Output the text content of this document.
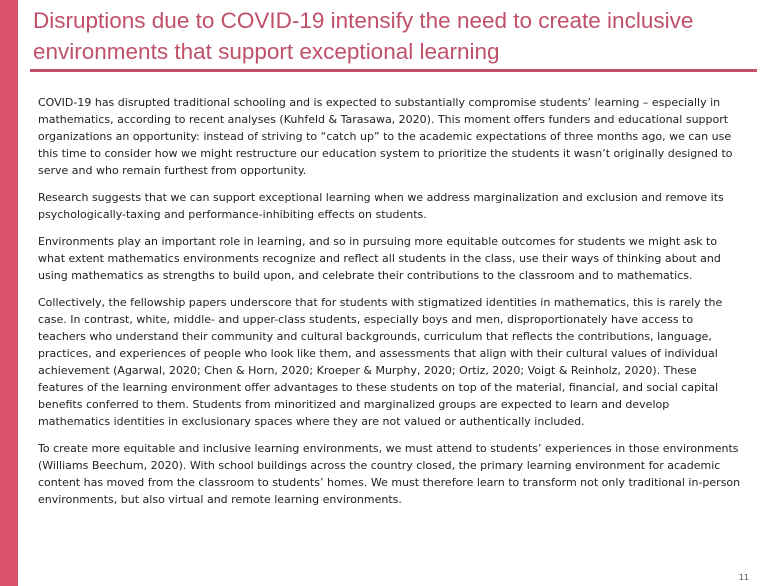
Disruptions due to COVID-19 intensify the need to create inclusive environments that support exceptional learning

COVID-19 has disrupted traditional schooling and is expected to substantially compromise students’ learning – especially in mathematics, according to recent analyses (Kuhfeld & Tarasawa, 2020). This moment offers funders and educational support organizations an opportunity: instead of striving to “catch up” to the academic expectations of three months ago, we can use this time to consider how we might restructure our education system to prioritize the students it wasn’t originally designed to serve and who remain furthest from opportunity.

Research suggests that we can support exceptional learning when we address marginalization and exclusion and remove its psychologically-taxing and performance-inhibiting effects on students.

Environments play an important role in learning, and so in pursuing more equitable outcomes for students we might ask to what extent mathematics environments recognize and reflect all students in the class, use their ways of thinking about and using mathematics as strengths to build upon, and celebrate their contributions to the classroom and to mathematics.

Collectively, the fellowship papers underscore that for students with stigmatized identities in mathematics, this is rarely the case. In contrast, white, middle- and upper-class students, especially boys and men, disproportionately have access to teachers who understand their community and cultural backgrounds, curriculum that reflects the contributions, language, practices, and experiences of people who look like them, and assessments that align with their cultural values of individual achievement (Agarwal, 2020; Chen & Horn, 2020; Kroeper & Murphy, 2020; Ortiz, 2020; Voigt & Reinholz, 2020). These features of the learning environment offer advantages to these students on top of the material, financial, and social capital benefits conferred to them. Students from minoritized and marginalized groups are expected to learn and develop mathematics identities in exclusionary spaces where they are not valued or authentically included.

To create more equitable and inclusive learning environments, we must attend to students’ experiences in those environments (Williams Beechum, 2020). With school buildings across the country closed, the primary learning environment for academic content has moved from the classroom to students’ homes. We must therefore learn to transform not only traditional in-person environments, but also virtual and remote learning environments.

11
